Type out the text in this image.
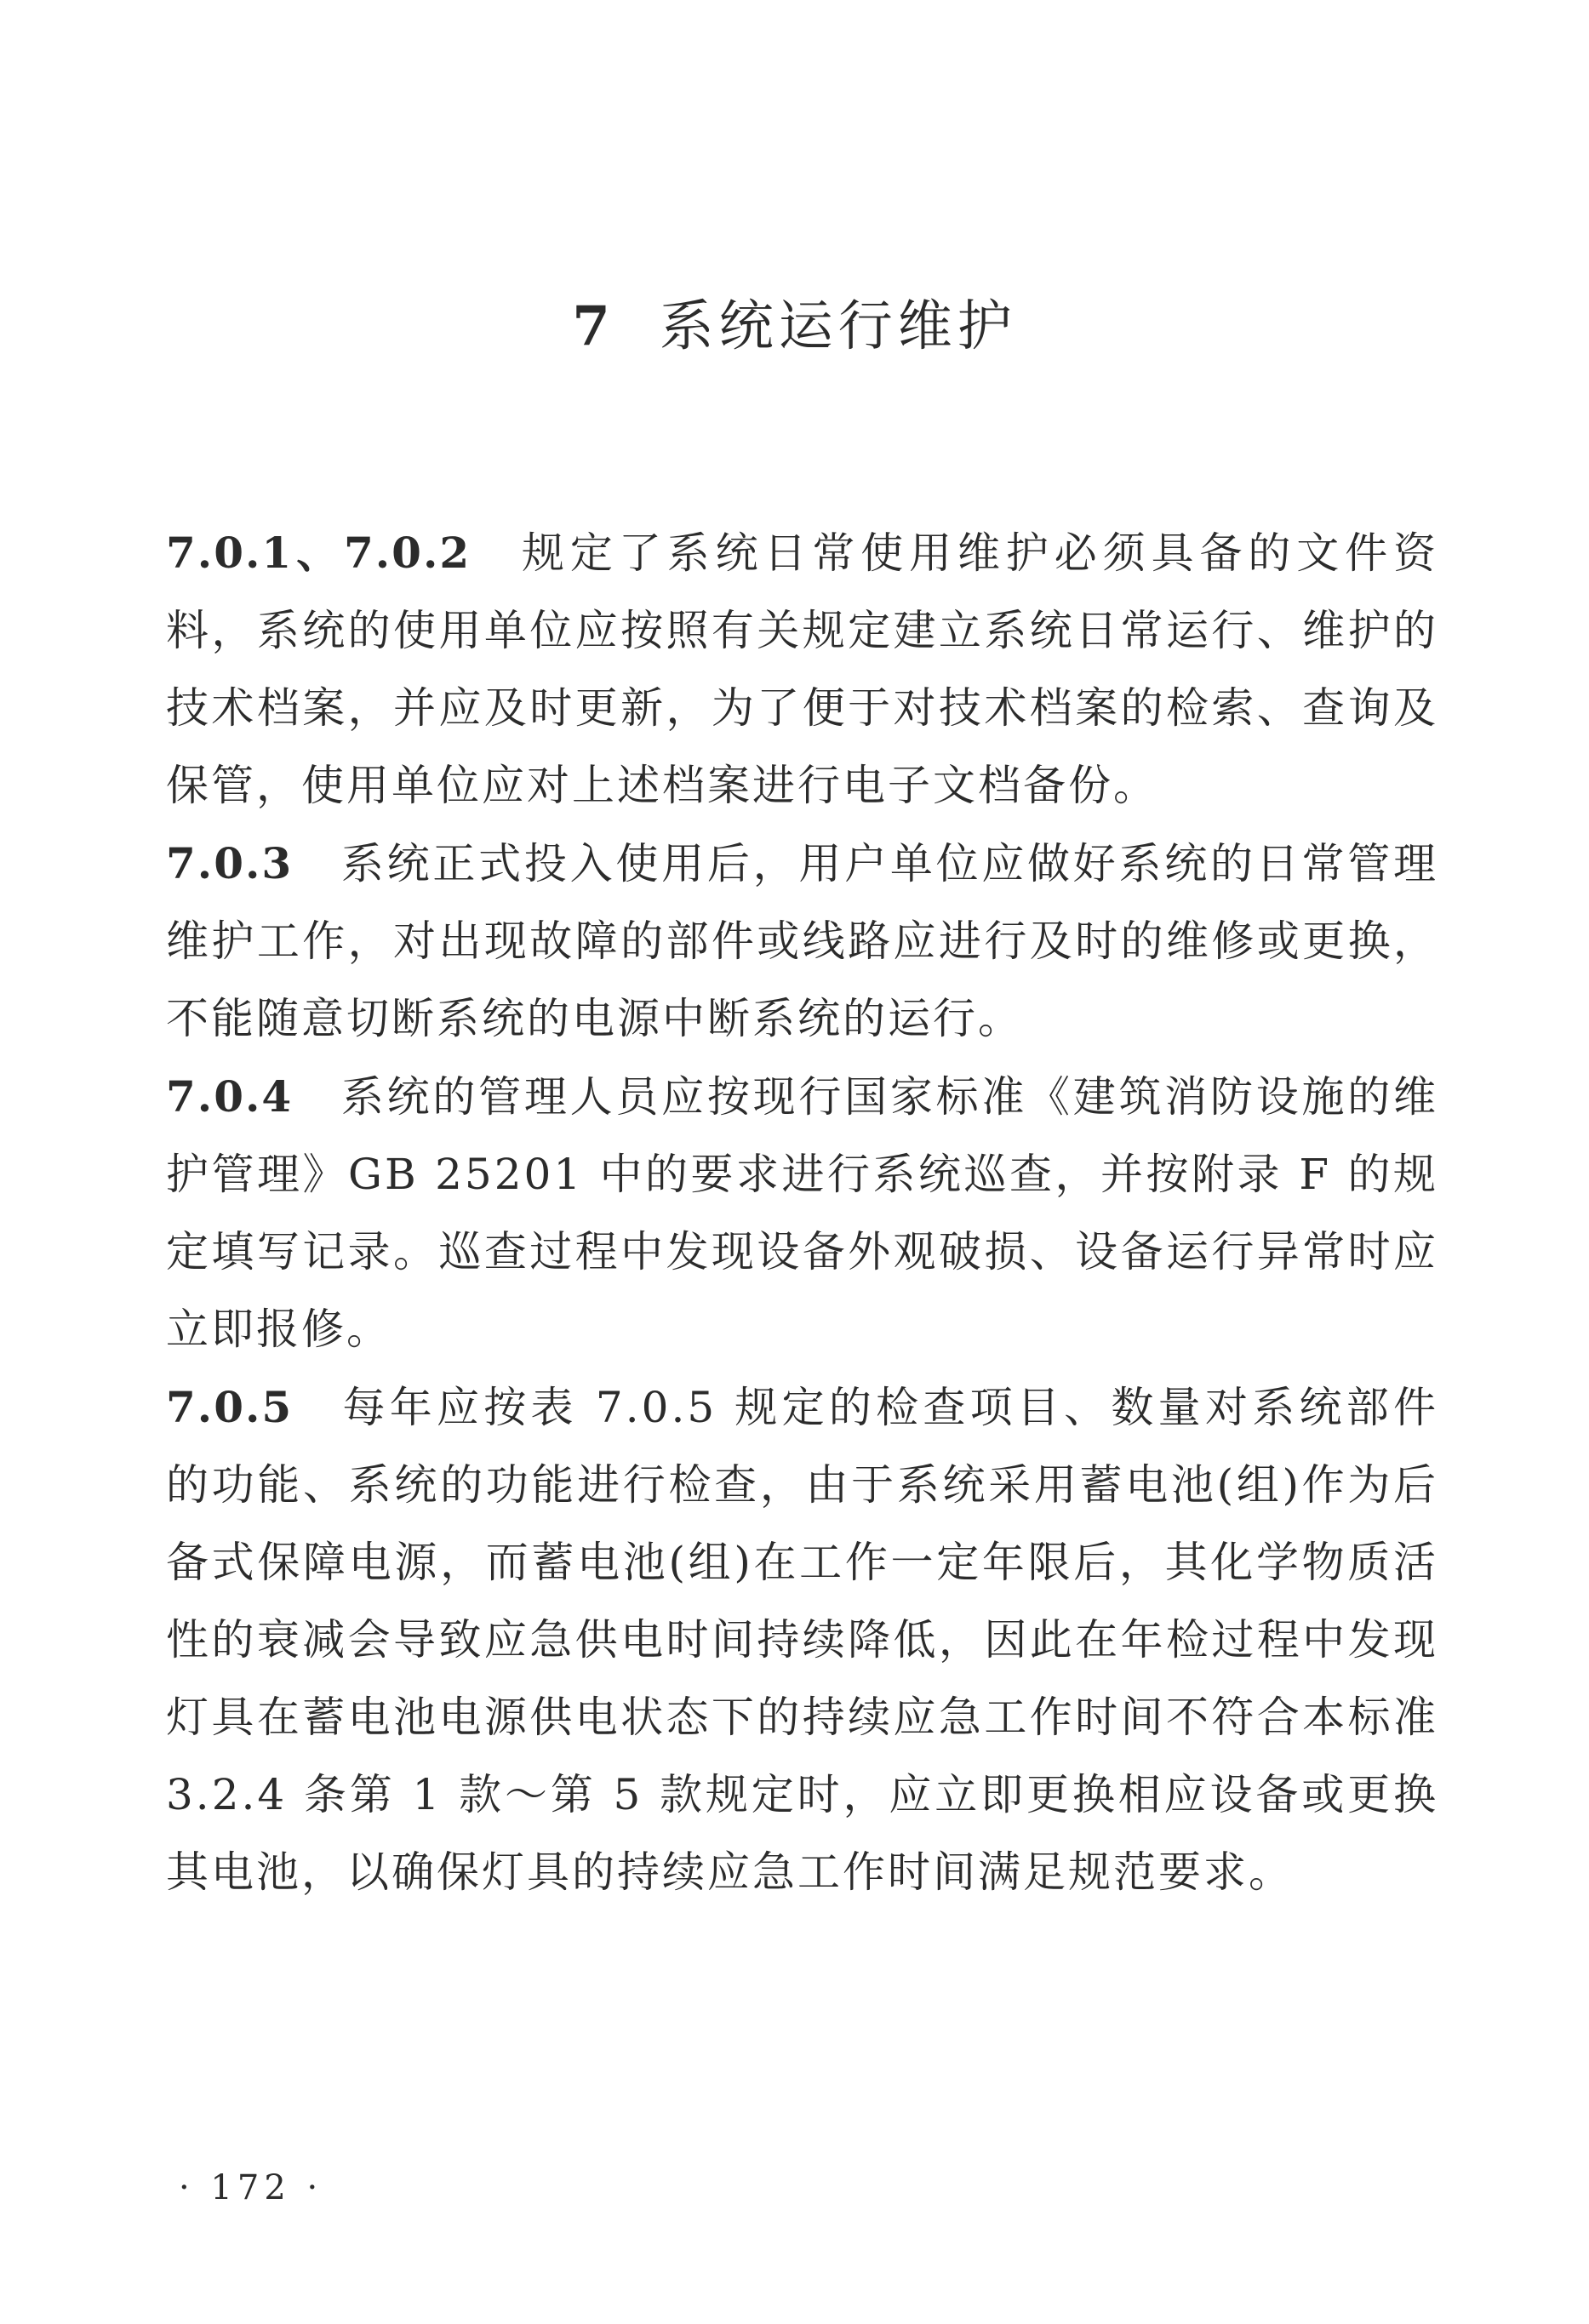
7 系统运行维护

7.0.1、7.0.2 规定了系统日常使用维护必须具备的文件资料，系统的使用单位应按照有关规定建立系统日常运行、维护的技术档案，并应及时更新，为了便于对技术档案的检索、查询及保管，使用单位应对上述档案进行电子文档备份。

7.0.3 系统正式投入使用后，用户单位应做好系统的日常管理维护工作，对出现故障的部件或线路应进行及时的维修或更换，不能随意切断系统的电源中断系统的运行。

7.0.4 系统的管理人员应按现行国家标准《建筑消防设施的维护管理》GB 25201 中的要求进行系统巡查，并按附录 F 的规定填写记录。巡查过程中发现设备外观破损、设备运行异常时应立即报修。

7.0.5 每年应按表 7.0.5 规定的检查项目、数量对系统部件的功能、系统的功能进行检查，由于系统采用蓄电池(组)作为后备式保障电源，而蓄电池(组)在工作一定年限后，其化学物质活性的衰减会导致应急供电时间持续降低，因此在年检过程中发现灯具在蓄电池电源供电状态下的持续应急工作时间不符合本标准 3.2.4 条第 1 款～第 5 款规定时，应立即更换相应设备或更换其电池，以确保灯具的持续应急工作时间满足规范要求。

· 172 ·
